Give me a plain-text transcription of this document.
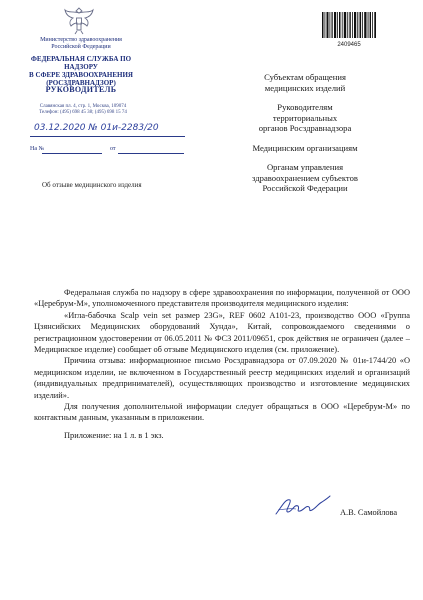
Министерство здравоохранения
Российской Федерации
ФЕДЕРАЛЬНАЯ СЛУЖБА ПО НАДЗОРУ
В СФЕРЕ ЗДРАВООХРАНЕНИЯ
(РОСЗДРАВНАДЗОР)
РУКОВОДИТЕЛЬ
Славянская пл. 4, стр. 1, Москва, 109074
Телефон: (495) 698 45 38; (495) 698 15 74
03.12.2020 № 01и-2283/20
На №	от
Об отзыве медицинского изделия
2409465
Субъектам обращения
медицинских изделий
Руководителям
территориальных
органов Росздравнадзора
Медицинским организациям
Органам управления
здравоохранением субъектов
Российской Федерации

Федеральная служба по надзору в сфере здравоохранения по информации, полученной от ООО «Церебрум-М», уполномоченного представителя производителя медицинского изделия:

«Игла-бабочка Scalp vein set размер 23G», REF 0602 A101-23, производство ООО «Группа Цзянсийских Медицинских оборудований Хунда», Китай, сопровождаемого сведениями о регистрационном удостоверении от 06.05.2011 № ФСЗ 2011/09651, срок действия не ограничен (далее – Медицинское изделие) сообщает об отзыве Медицинского изделия (см. приложение).

Причина отзыва: информационное письмо Росздравнадзора от 07.09.2020 № 01и-1744/20 «О медицинском изделии, не включенном в Государственный реестр медицинских изделий и организаций (индивидуальных предпринимателей), осуществляющих производство и изготовление медицинских изделий».

Для получения дополнительной информации следует обращаться в ООО «Церебрум-М» по контактным данным, указанным в приложении.

Приложение: на 1 л. в 1 экз.

А.В. Самойлова
